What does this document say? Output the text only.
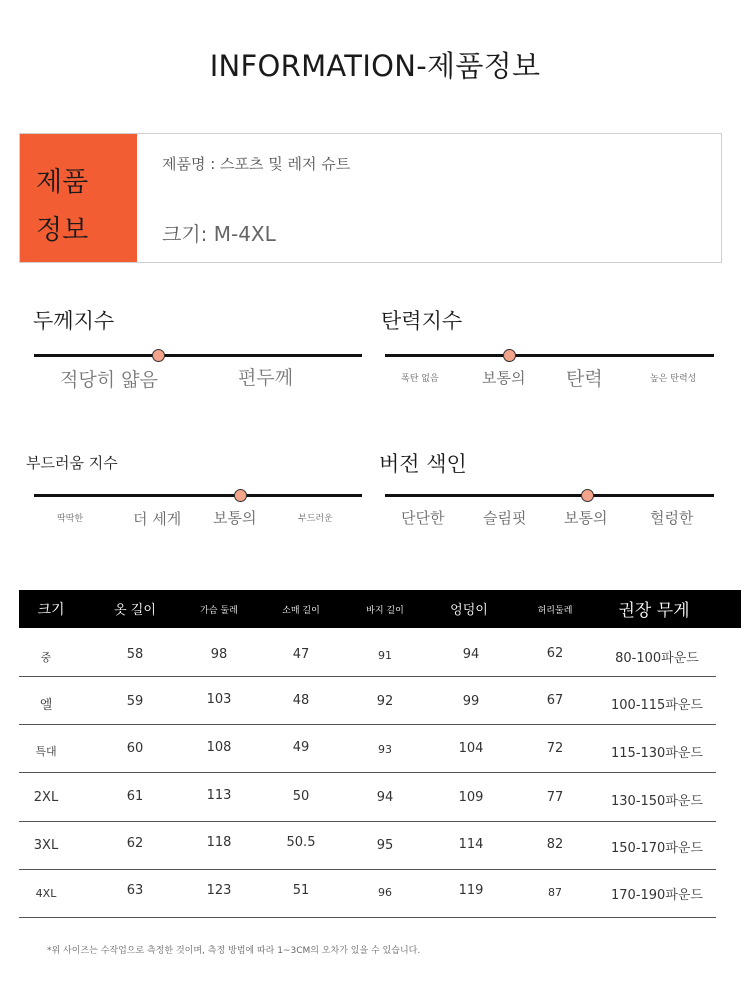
INFORMATION-제품정보
제품
정보
제품명 : 스포츠 및 레저 슈트
크기: M-4XL
두께지수
적당히 얇음	편두께
탄력지수
폭탄 없음	보통의 탄력	높은 탄력성
부드러움 지수
딱딱한	더 세게 보통의	부드러운
버전 색인
단단한	슬림핏	보통의	헐렁한
크기	옷 길이	가슴 둘레	소매 길이	바지 길이	엉덩이	허리둘레	권장 무게
중	58	98	47	91	94	62	80-100파운드
엘	59	103	48	92	99	67	100-115파운드
특대	60	108	49	93	104	72	115-130파운드
2XL	61	113	50	94	109	77	130-150파운드
3XL	62	118	50.5	95	114	82	150-170파운드
4XL	63	123	51	96	119	87	170-190파운드
*위 사이즈는 수작업으로 측정한 것이며, 측정 방법에 따라 1~3CM의 오차가 있을 수 있습니다.
